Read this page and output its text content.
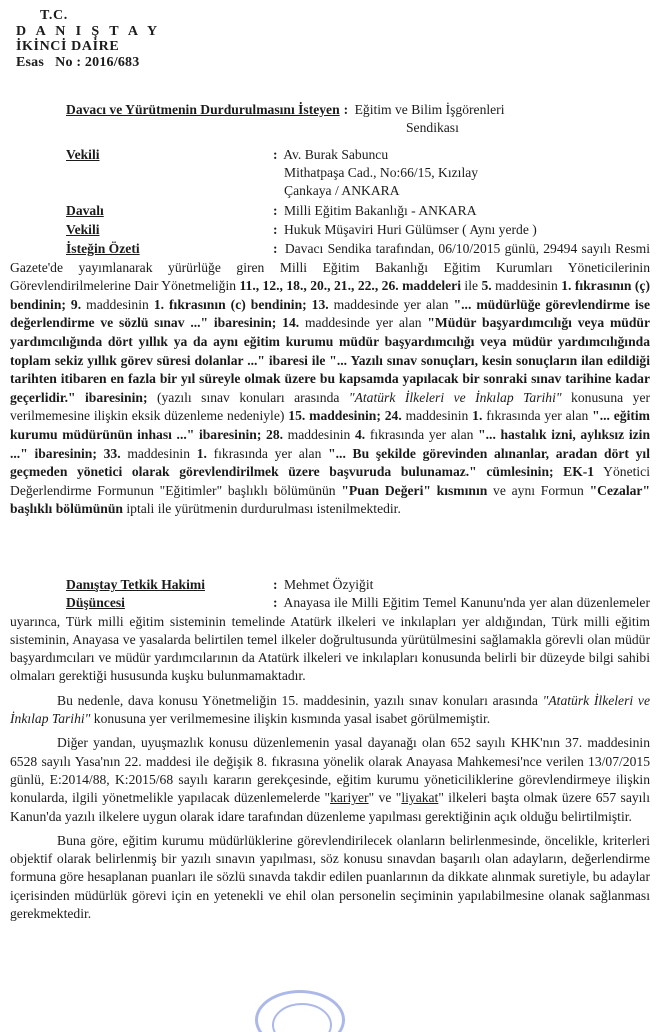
T.C.
D A N I Ş T A Y
İKİNCİ DAİRE
Esas No : 2016/683
Davacı ve Yürütmenin Durdurulmasını İsteyen : Eğitim ve Bilim İşgörenleri
Sendikası
Vekili	: Av. Burak Sabuncu
Mithatpaşa Cad., No:66/15, Kızılay
Çankaya / ANKARA
Davalı	: Milli Eğitim Bakanlığı - ANKARA
Vekili	: Hukuk Müşaviri Huri Gülümser ( Aynı yerde )

İsteğin Özeti	: Davacı Sendika tarafından, 06/10/2015 günlü, 29494 sayılı Resmi Gazete'de yayımlanarak yürürlüğe giren Milli Eğitim Bakanlığı Eğitim Kurumları Yöneticilerinin Görevlendirilmelerine Dair Yönetmeliğin 11., 12., 18., 20., 21., 22., 26. maddeleri ile 5. maddesinin 1. fıkrasının (ç) bendinin; 9. maddesinin 1. fıkrasının (c) bendinin; 13. maddesinde yer alan "... müdürlüğe görevlendirme ise değerlendirme ve sözlü sınav ..." ibaresinin; 14. maddesinde yer alan "Müdür başyardımcılığı veya müdür yardımcılığında dört yıllık ya da aynı eğitim kurumu müdür başyardımcılığı veya müdür yardımcılığında toplam sekiz yıllık görev süresi dolanlar ..." ibaresi ile "... Yazılı sınav sonuçları, kesin sonuçların ilan edildiği tarihten itibaren en fazla bir yıl süreyle olmak üzere bu kapsamda yapılacak bir sonraki sınav tarihine kadar geçerlidir." ibaresinin; (yazılı sınav konuları arasında "Atatürk İlkeleri ve İnkılap Tarihi" konusuna yer verilmemesine ilişkin eksik düzenleme nedeniyle) 15. maddesinin; 24. maddesinin 1. fıkrasında yer alan "... eğitim kurumu müdürünün inhası ..." ibaresinin; 28. maddesinin 4. fıkrasında yer alan "... hastalık izni, aylıksız izin ..." ibaresinin; 33. maddesinin 1. fıkrasında yer alan "... Bu şekilde görevinden alınanlar, aradan dört yıl geçmeden yönetici olarak görevlendirilmek üzere başvuruda bulunamaz." cümlesinin; EK-1 Yönetici Değerlendirme Formunun "Eğitimler" başlıklı bölümünün "Puan Değeri" kısmının ve aynı Formun "Cezalar" başlıklı bölümünün iptali ile yürütmenin durdurulması istenilmektedir.

Danıştay Tetkik Hakimi	: Mehmet Özyiğit

Düşüncesi	: Anayasa ile Milli Eğitim Temel Kanunu'nda yer alan düzenlemeler uyarınca, Türk milli eğitim sisteminin temelinde Atatürk ilkeleri ve inkılapları yer aldığından, Türk milli eğitim sisteminin, Anayasa ve yasalarda belirtilen temel ilkeler doğrultusunda yürütülmesini sağlamakla görevli olan müdür başyardımcıları ve müdür yardımcılarının da Atatürk ilkeleri ve inkılapları konusunda belirli bir düzeyde bilgi sahibi olmaları gerektiği hususunda kuşku bulunmamaktadır.

Bu nedenle, dava konusu Yönetmeliğin 15. maddesinin, yazılı sınav konuları arasında "Atatürk İlkeleri ve İnkılap Tarihi" konusuna yer verilmemesine ilişkin kısmında yasal isabet görülmemiştir.

Diğer yandan, uyuşmazlık konusu düzenlemenin yasal dayanağı olan 652 sayılı KHK'nın 37. maddesinin 6528 sayılı Yasa'nın 22. maddesi ile değişik 8. fıkrasına yönelik olarak Anayasa Mahkemesi'nce verilen 13/07/2015 günlü, E:2014/88, K:2015/68 sayılı kararın gerekçesinde, eğitim kurumu yöneticiliklerine görevlendirmeye ilişkin konularda, ilgili yönetmelikle yapılacak düzenlemelerde "kariyer" ve "liyakat" ilkeleri başta olmak üzere 657 sayılı Kanun'da yazılı ilkelere uygun olarak idare tarafından düzenleme yapılması gerektiğinin açık olduğu belirtilmiştir.

Buna göre, eğitim kurumu müdürlüklerine görevlendirilecek olanların belirlenmesinde, öncelikle, kriterleri objektif olarak belirlenmiş bir yazılı sınavın yapılması, söz konusu sınavdan başarılı olan adayların, değerlendirme formuna göre hesaplanan puanları ile sözlü sınavda takdir edilen puanlarının da dikkate alınmak suretiyle, bu adaylar içerisinden müdürlük görevi için en yetenekli ve ehil olan personelin seçiminin yapılabilmesine olanak sağlanması gerekmektedir.
